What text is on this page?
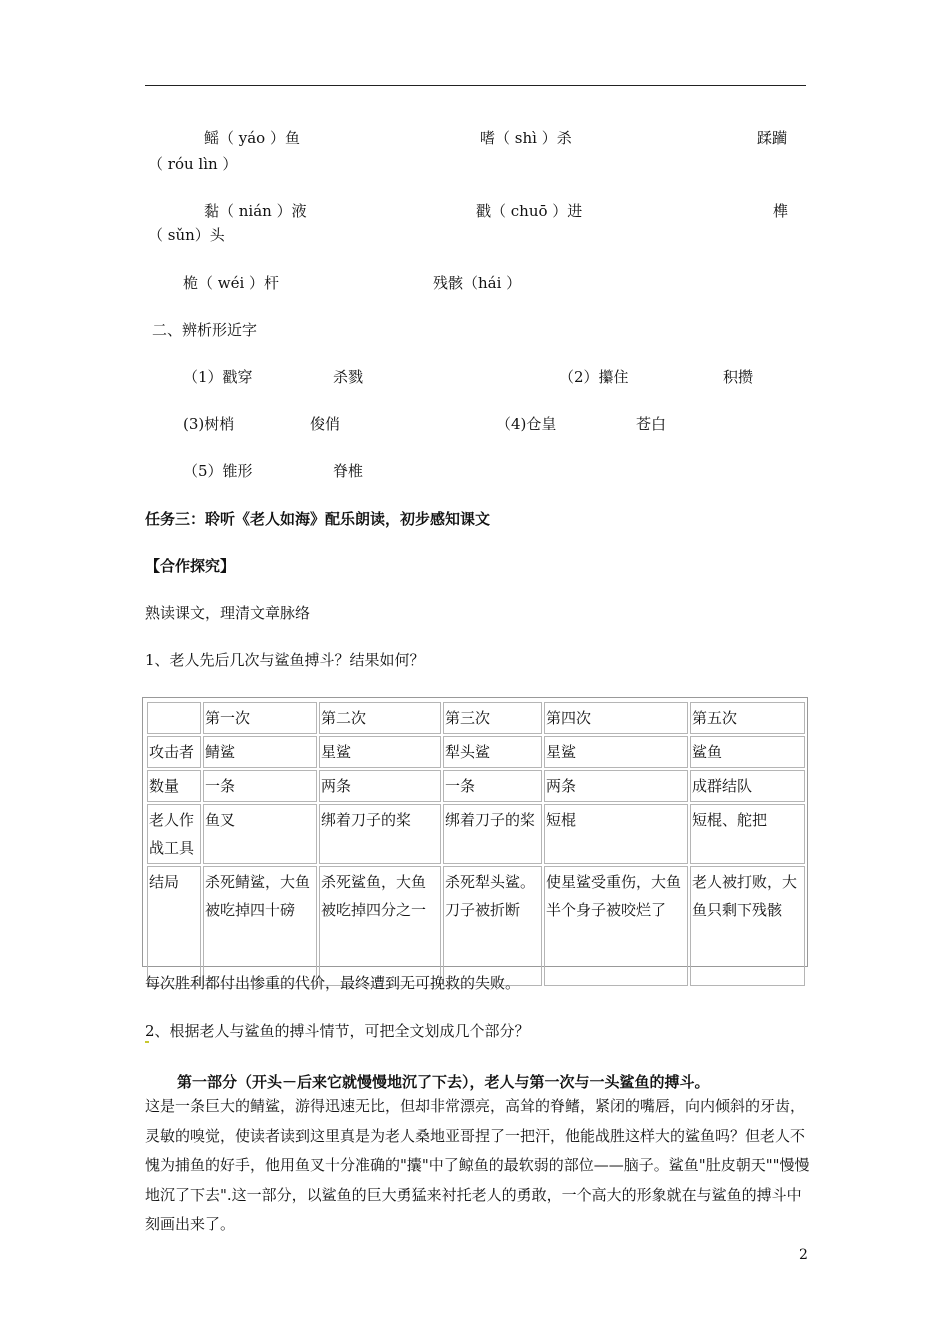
鳐（ yáo ）鱼	嗜（ shì ）杀	蹂躏
（ róu lìn ）
黏（ nián ）液	戳（ chuō ）进	榫
（ sǔn）头
桅（ wéi ）杆	残骸（hái ）
二、辨析形近字
（1）戳穿	杀戮	（2）攥住	积攒
(3)树梢	俊俏	（4)仓皇	苍白
（5）锥形	脊椎
任务三：聆听《老人如海》配乐朗读，初步感知课文
【合作探究】
熟读课文，理清文章脉络
1、老人先后几次与鲨鱼搏斗？结果如何？
	第一次	第二次	第三次	第四次	第五次
攻击者	鲭鲨	星鲨	犁头鲨	星鲨	鲨鱼
数量	一条	两条	一条	两条	成群结队
老人作战工具	鱼叉	绑着刀子的桨	绑着刀子的桨	短棍	短棍、舵把
结局	杀死鲭鲨，大鱼被吃掉四十磅	杀死鲨鱼，大鱼被吃掉四分之一	杀死犁头鲨。刀子被折断	使星鲨受重伤，大鱼半个身子被咬烂了	老人被打败，大鱼只剩下残骸
每次胜利都付出惨重的代价，最终遭到无可挽救的失败。
2、根据老人与鲨鱼的搏斗情节，可把全文划成几个部分？
第一部分（开头－后来它就慢慢地沉了下去），老人与第一次与一头鲨鱼的搏斗。
这是一条巨大的鲭鲨，游得迅速无比，但却非常漂亮，高耸的脊鳍，紧闭的嘴唇，向内倾斜的牙齿，灵敏的嗅觉，使读者读到这里真是为老人桑地亚哥捏了一把汗，他能战胜这样大的鲨鱼吗？但老人不愧为捕鱼的好手，他用鱼叉十分准确的"攮"中了鲸鱼的最软弱的部位——脑子。鲨鱼"肚皮朝天""慢慢地沉了下去".这一部分，以鲨鱼的巨大勇猛来衬托老人的勇敢，一个高大的形象就在与鲨鱼的搏斗中刻画出来了。
2
